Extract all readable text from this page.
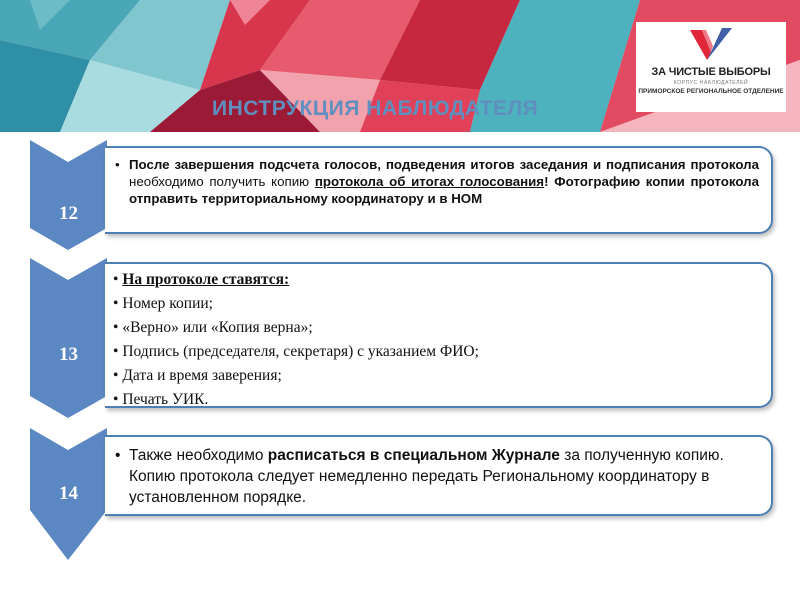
ЗА ЧИСТЫЕ ВЫБОРЫ
КОРПУС НАБЛЮДАТЕЛЕЙ
ПРИМОРСКОЕ РЕГИОНАЛЬНОЕ ОТДЕЛЕНИЕ
ИНСТРУКЦИЯ НАБЛЮДАТЕЛЯ
12
• После завершения подсчета голосов, подведения итогов заседания и подписания протокола необходимо получить копию протокола об итогах голосования! Фотографию копии протокола отправить территориальному координатору и в НОМ
13
• На протоколе ставятся:
• Номер копии;
• «Верно» или «Копия верна»;
• Подпись (председателя, секретаря) с указанием ФИО;
• Дата и время заверения;
• Печать УИК.
14
• Также необходимо расписаться в специальном Журнале за полученную копию. Копию протокола следует немедленно передать Региональному координатору в установленном порядке.
